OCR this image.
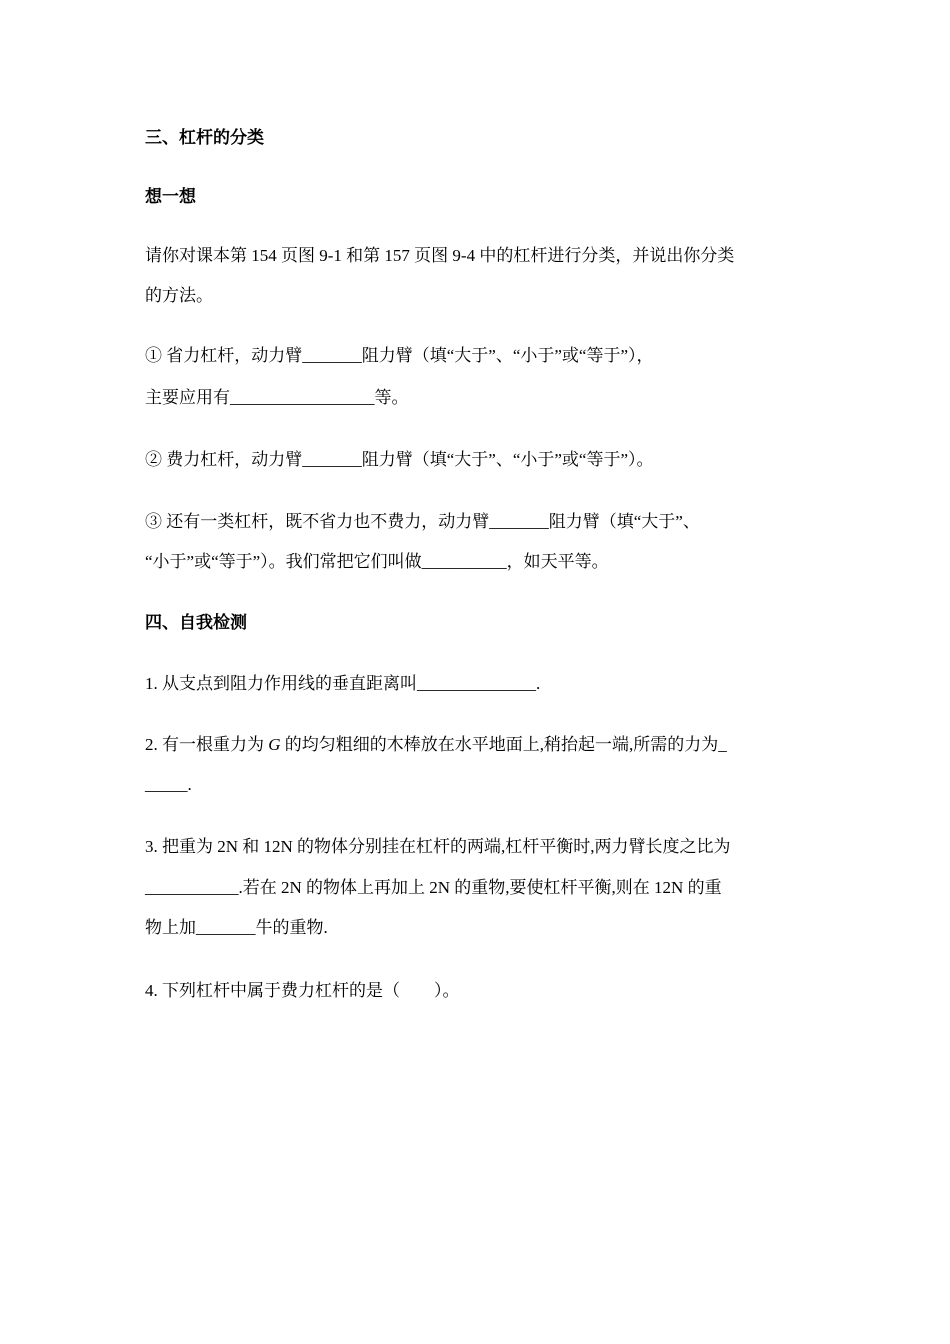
三、杠杆的分类
想一想
请你对课本第 154 页图 9-1 和第 157 页图 9-4 中的杠杆进行分类，并说出你分类
的方法。
① 省力杠杆，动力臂_______阻力臂（填“大于”、“小于”或“等于”），
主要应用有_________________等。
② 费力杠杆，动力臂_______阻力臂（填“大于”、“小于”或“等于”）。
③ 还有一类杠杆，既不省力也不费力，动力臂_______阻力臂（填“大于”、
“小于”或“等于”）。我们常把它们叫做__________，如天平等。
四、自我检测
1. 从支点到阻力作用线的垂直距离叫______________.
2. 有一根重力为 G 的均匀粗细的木棒放在水平地面上,稍抬起一端,所需的力为_
_____.
3. 把重为 2N 和 12N 的物体分别挂在杠杆的两端,杠杆平衡时,两力臂长度之比为
___________.若在 2N 的物体上再加上 2N 的重物,要使杠杆平衡,则在 12N 的重
物上加_______牛的重物.
4. 下列杠杆中属于费力杠杆的是（　　）。
